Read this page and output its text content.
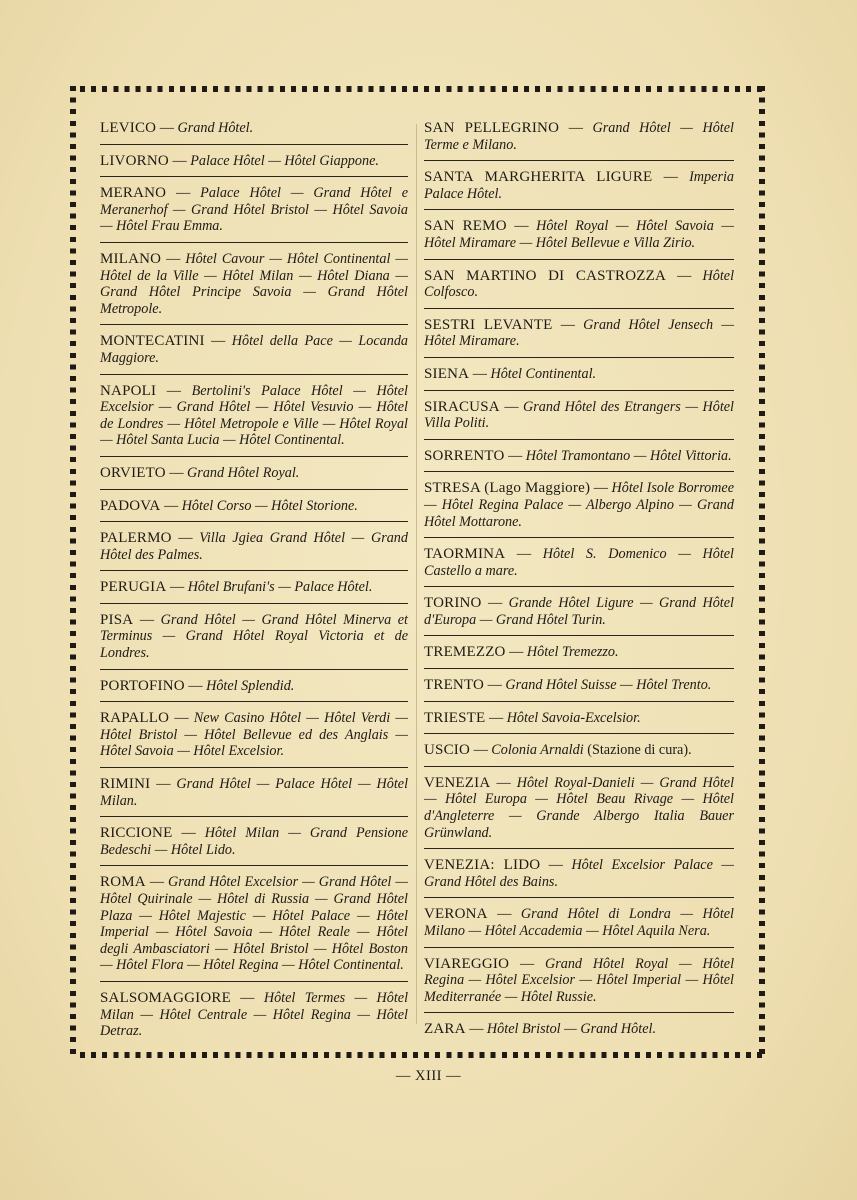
LEVICO — Grand Hôtel.
LIVORNO — Palace Hôtel — Hôtel Giappone.
MERANO — Palace Hôtel — Grand Hôtel e Meranerhof — Grand Hôtel Bristol — Hôtel Savoia — Hôtel Frau Emma.
MILANO — Hôtel Cavour — Hôtel Continental — Hôtel de la Ville — Hôtel Milan — Hôtel Diana — Grand Hôtel Principe Savoia — Grand Hôtel Metropole.
MONTECATINI — Hôtel della Pace — Locanda Maggiore.
NAPOLI — Bertolini's Palace Hôtel — Hôtel Excelsior — Grand Hôtel — Hôtel Vesuvio — Hôtel de Londres — Hôtel Metropole e Ville — Hôtel Royal — Hôtel Santa Lucia — Hôtel Continental.
ORVIETO — Grand Hôtel Royal.
PADOVA — Hôtel Corso — Hôtel Storione.
PALERMO — Villa Jgiea Grand Hôtel — Grand Hôtel des Palmes.
PERUGIA — Hôtel Brufani's — Palace Hôtel.
PISA — Grand Hôtel — Grand Hôtel Minerva et Terminus — Grand Hôtel Royal Victoria et de Londres.
PORTOFINO — Hôtel Splendid.
RAPALLO — New Casino Hôtel — Hôtel Verdi — Hôtel Bristol — Hôtel Bellevue ed des Anglais — Hôtel Savoia — Hôtel Excelsior.
RIMINI — Grand Hôtel — Palace Hôtel — Hôtel Milan.
RICCIONE — Hôtel Milan — Grand Pensione Bedeschi — Hôtel Lido.
ROMA — Grand Hôtel Excelsior — Grand Hôtel — Hôtel Quirinale — Hôtel di Russia — Grand Hôtel Plaza — Hôtel Majestic — Hôtel Palace — Hôtel Imperial — Hôtel Savoia — Hôtel Reale — Hôtel degli Ambasciatori — Hôtel Bristol — Hôtel Boston — Hôtel Flora — Hôtel Regina — Hôtel Continental.
SALSOMAGGIORE — Hôtel Termes — Hôtel Milan — Hôtel Centrale — Hôtel Regina — Hôtel Detraz.
SAN PELLEGRINO — Grand Hôtel — Hôtel Terme e Milano.
SANTA MARGHERITA LIGURE — Imperia Palace Hôtel.
SAN REMO — Hôtel Royal — Hôtel Savoia — Hôtel Miramare — Hôtel Bellevue e Villa Zirio.
SAN MARTINO DI CASTROZZA — Hôtel Colfosco.
SESTRI LEVANTE — Grand Hôtel Jensech — Hôtel Miramare.
SIENA — Hôtel Continental.
SIRACUSA — Grand Hôtel des Etrangers — Hôtel Villa Politi.
SORRENTO — Hôtel Tramontano — Hôtel Vittoria.
STRESA (Lago Maggiore) — Hôtel Isole Borromee — Hôtel Regina Palace — Albergo Alpino — Grand Hôtel Mottarone.
TAORMINA — Hôtel S. Domenico — Hôtel Castello a mare.
TORINO — Grande Hôtel Ligure — Grand Hôtel d'Europa — Grand Hôtel Turin.
TREMEZZO — Hôtel Tremezzo.
TRENTO — Grand Hôtel Suisse — Hôtel Trento.
TRIESTE — Hôtel Savoia-Excelsior.
USCIO — Colonia Arnaldi (Stazione di cura).
VENEZIA — Hôtel Royal-Danieli — Grand Hôtel — Hôtel Europa — Hôtel Beau Rivage — Hôtel d'Angleterre — Grande Albergo Italia Bauer Grünwland.
VENEZIA: LIDO — Hôtel Excelsior Palace — Grand Hôtel des Bains.
VERONA — Grand Hôtel di Londra — Hôtel Milano — Hôtel Accademia — Hôtel Aquila Nera.
VIAREGGIO — Grand Hôtel Royal — Hôtel Regina — Hôtel Excelsior — Hôtel Imperial — Hôtel Mediterranée — Hôtel Russie.
ZARA — Hôtel Bristol — Grand Hôtel.
— XIII —
